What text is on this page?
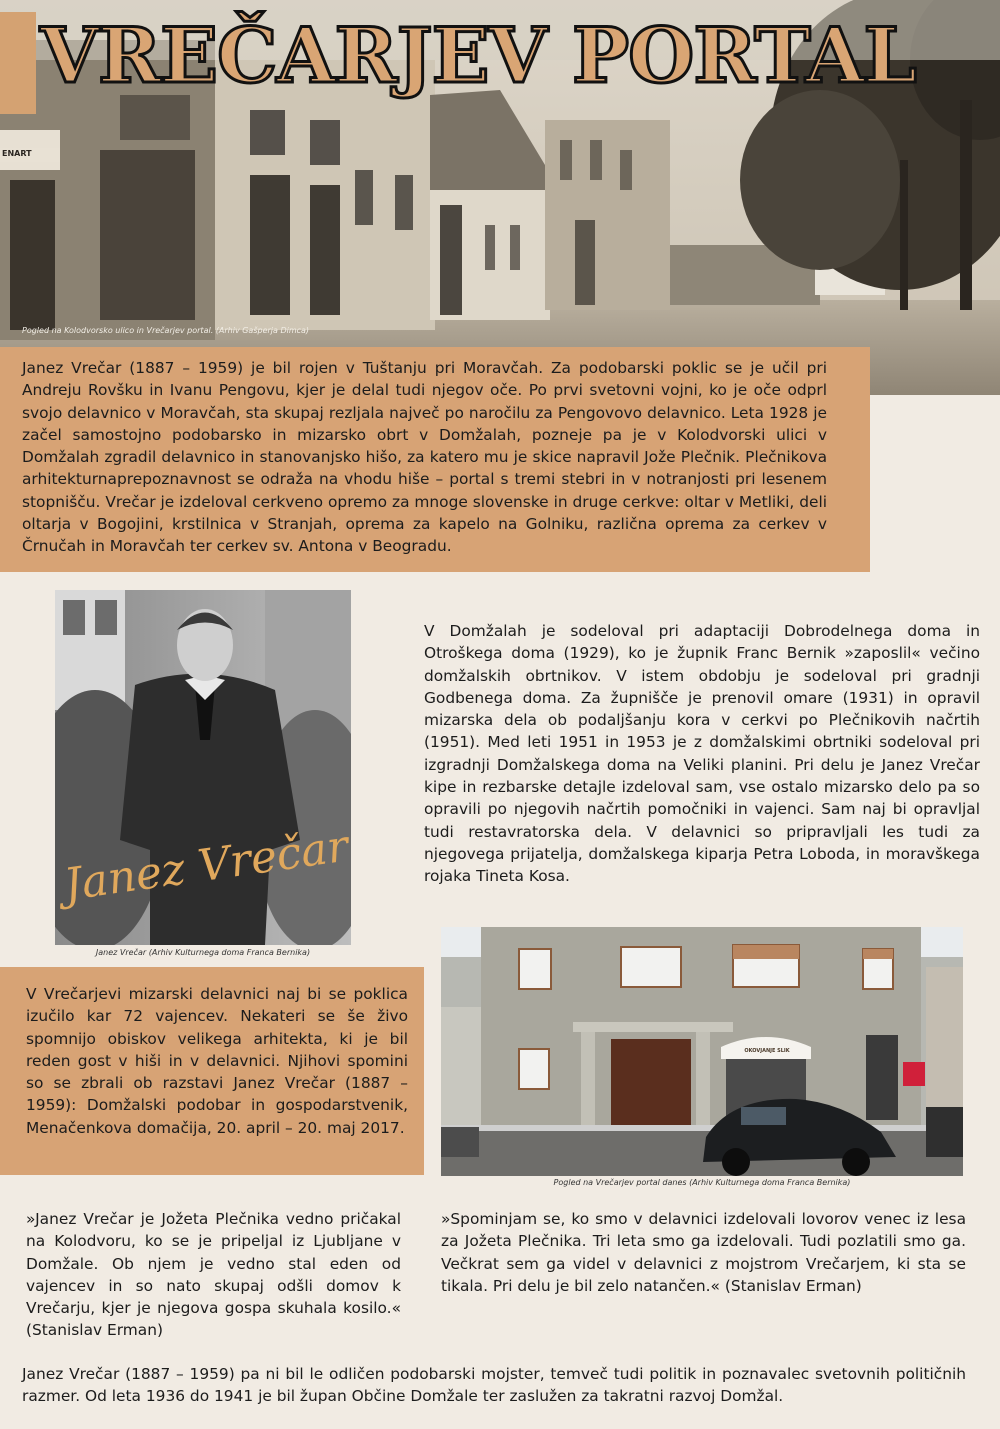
ENART
VREČARJEV PORTAL
Pogled na Kolodvorsko ulico in Vrečarjev portal. (Arhiv Gašperja Dimca)
Janez Vrečar (1887 – 1959) je bil rojen v Tuštanju pri Moravčah. Za podobarski poklic se je učil pri Andreju Rovšku in Ivanu Pengovu, kjer je delal tudi njegov oče. Po prvi svetovni vojni, ko je oče odprl svojo delavnico v Moravčah, sta skupaj rezljala največ po naročilu za Pengovovo delavnico. Leta 1928 je začel samostojno podobarsko in mizarsko obrt v Domžalah, pozneje pa je v Kolodvorski ulici v Domžalah zgradil delavnico in stanovanjsko hišo, za katero mu je skice napravil Jože Plečnik. Plečnikova arhitekturnaprepoznavnost se odraža na vhodu hiše – portal s tremi stebri in v notranjosti pri lesenem stopnišču. Vrečar je izdeloval cerkveno opremo za mnoge slovenske in druge cerkve: oltar v Metliki, deli oltarja v Bogojini, krstilnica v Stranjah, oprema za kapelo na Golniku, različna oprema za cerkev v Črnučah in Moravčah ter cerkev sv. Antona v Beogradu.
Janez Vrečar
Janez Vrečar (Arhiv Kulturnega doma Franca Bernika)
V Domžalah je sodeloval pri adaptaciji Dobrodelnega doma in Otroškega doma (1929), ko je župnik Franc Bernik »zaposlil« večino domžalskih obrtnikov. V istem obdobju je sodeloval pri gradnji Godbenega doma. Za župnišče je prenovil omare (1931) in opravil mizarska dela ob podaljšanju kora v cerkvi po Plečnikovih načrtih (1951). Med leti 1951 in 1953 je z domžalskimi obrtniki sodeloval pri izgradnji Domžalskega doma na Veliki planini. Pri delu je Janez Vrečar kipe in rezbarske detajle izdeloval sam, vse ostalo mizarsko delo pa so opravili po njegovih načrtih pomočniki in vajenci. Sam naj bi opravljal tudi restavratorska dela. V delavnici so pripravljali les tudi za njegovega prijatelja, domžalskega kiparja Petra Loboda, in moravškega rojaka Tineta Kosa.
V Vrečarjevi mizarski delavnici naj bi se poklica izučilo kar 72 vajencev. Nekateri se še živo spomnijo obiskov velikega arhitekta, ki je bil reden gost v hiši in v delavnici. Njihovi spomini so se zbrali ob razstavi Janez Vrečar (1887 – 1959): Domžalski podobar in gospodarstvenik, Menačenkova domačija, 20. april – 20. maj 2017.
OKOVJANJE SLIK
Pogled na Vrečarjev portal danes (Arhiv Kulturnega doma Franca Bernika)
»Janez Vrečar je Jožeta Plečnika vedno pričakal na Kolodvoru, ko se je pripeljal iz Ljubljane v Domžale. Ob njem je vedno stal eden od vajencev in so nato skupaj odšli domov k Vrečarju, kjer je njegova gospa skuhala kosilo.« (Stanislav Erman)
»Spominjam se, ko smo v delavnici izdelovali lovorov venec iz lesa za Jožeta Plečnika. Tri leta smo ga izdelovali. Tudi pozlatili smo ga. Večkrat sem ga videl v delavnici z mojstrom Vrečarjem, ki sta se tikala. Pri delu je bil zelo natančen.« (Stanislav Erman)
Janez Vrečar (1887 – 1959) pa ni bil le odličen podobarski mojster, temveč tudi politik in poznavalec svetovnih političnih razmer. Od leta 1936 do 1941 je bil župan Občine Domžale ter zaslužen za takratni razvoj Domžal.
